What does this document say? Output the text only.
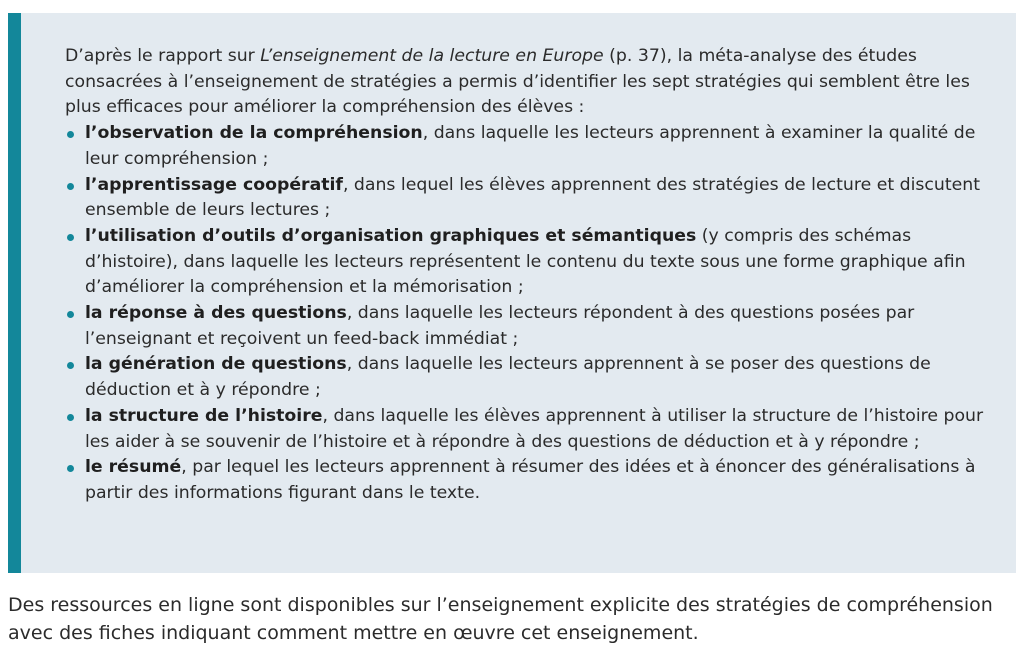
D’après le rapport sur L’enseignement de la lecture en Europe (p. 37), la méta-analyse des études consacrées à l’enseignement de stratégies a permis d’identifier les sept stratégies qui semblent être les plus efficaces pour améliorer la compréhension des élèves :

l’observation de la compréhension, dans laquelle les lecteurs apprennent à examiner la qualité de leur compréhension ;
l’apprentissage coopératif, dans lequel les élèves apprennent des stratégies de lecture et discutent ensemble de leurs lectures ;
l’utilisation d’outils d’organisation graphiques et sémantiques (y compris des schémas d’histoire), dans laquelle les lecteurs représentent le contenu du texte sous une forme graphique afin d’améliorer la compréhension et la mémorisation ;
la réponse à des questions, dans laquelle les lecteurs répondent à des questions posées par l’enseignant et reçoivent un feed-back immédiat ;
la génération de questions, dans laquelle les lecteurs apprennent à se poser des questions de déduction et à y répondre ;
la structure de l’histoire, dans laquelle les élèves apprennent à utiliser la structure de l’histoire pour les aider à se souvenir de l’histoire et à répondre à des questions de déduction et à y répondre ;
le résumé, par lequel les lecteurs apprennent à résumer des idées et à énoncer des généralisations à partir des informations figurant dans le texte.
Des ressources en ligne sont disponibles sur l’enseignement explicite des stratégies de compréhension avec des fiches indiquant comment mettre en œuvre cet enseignement.
